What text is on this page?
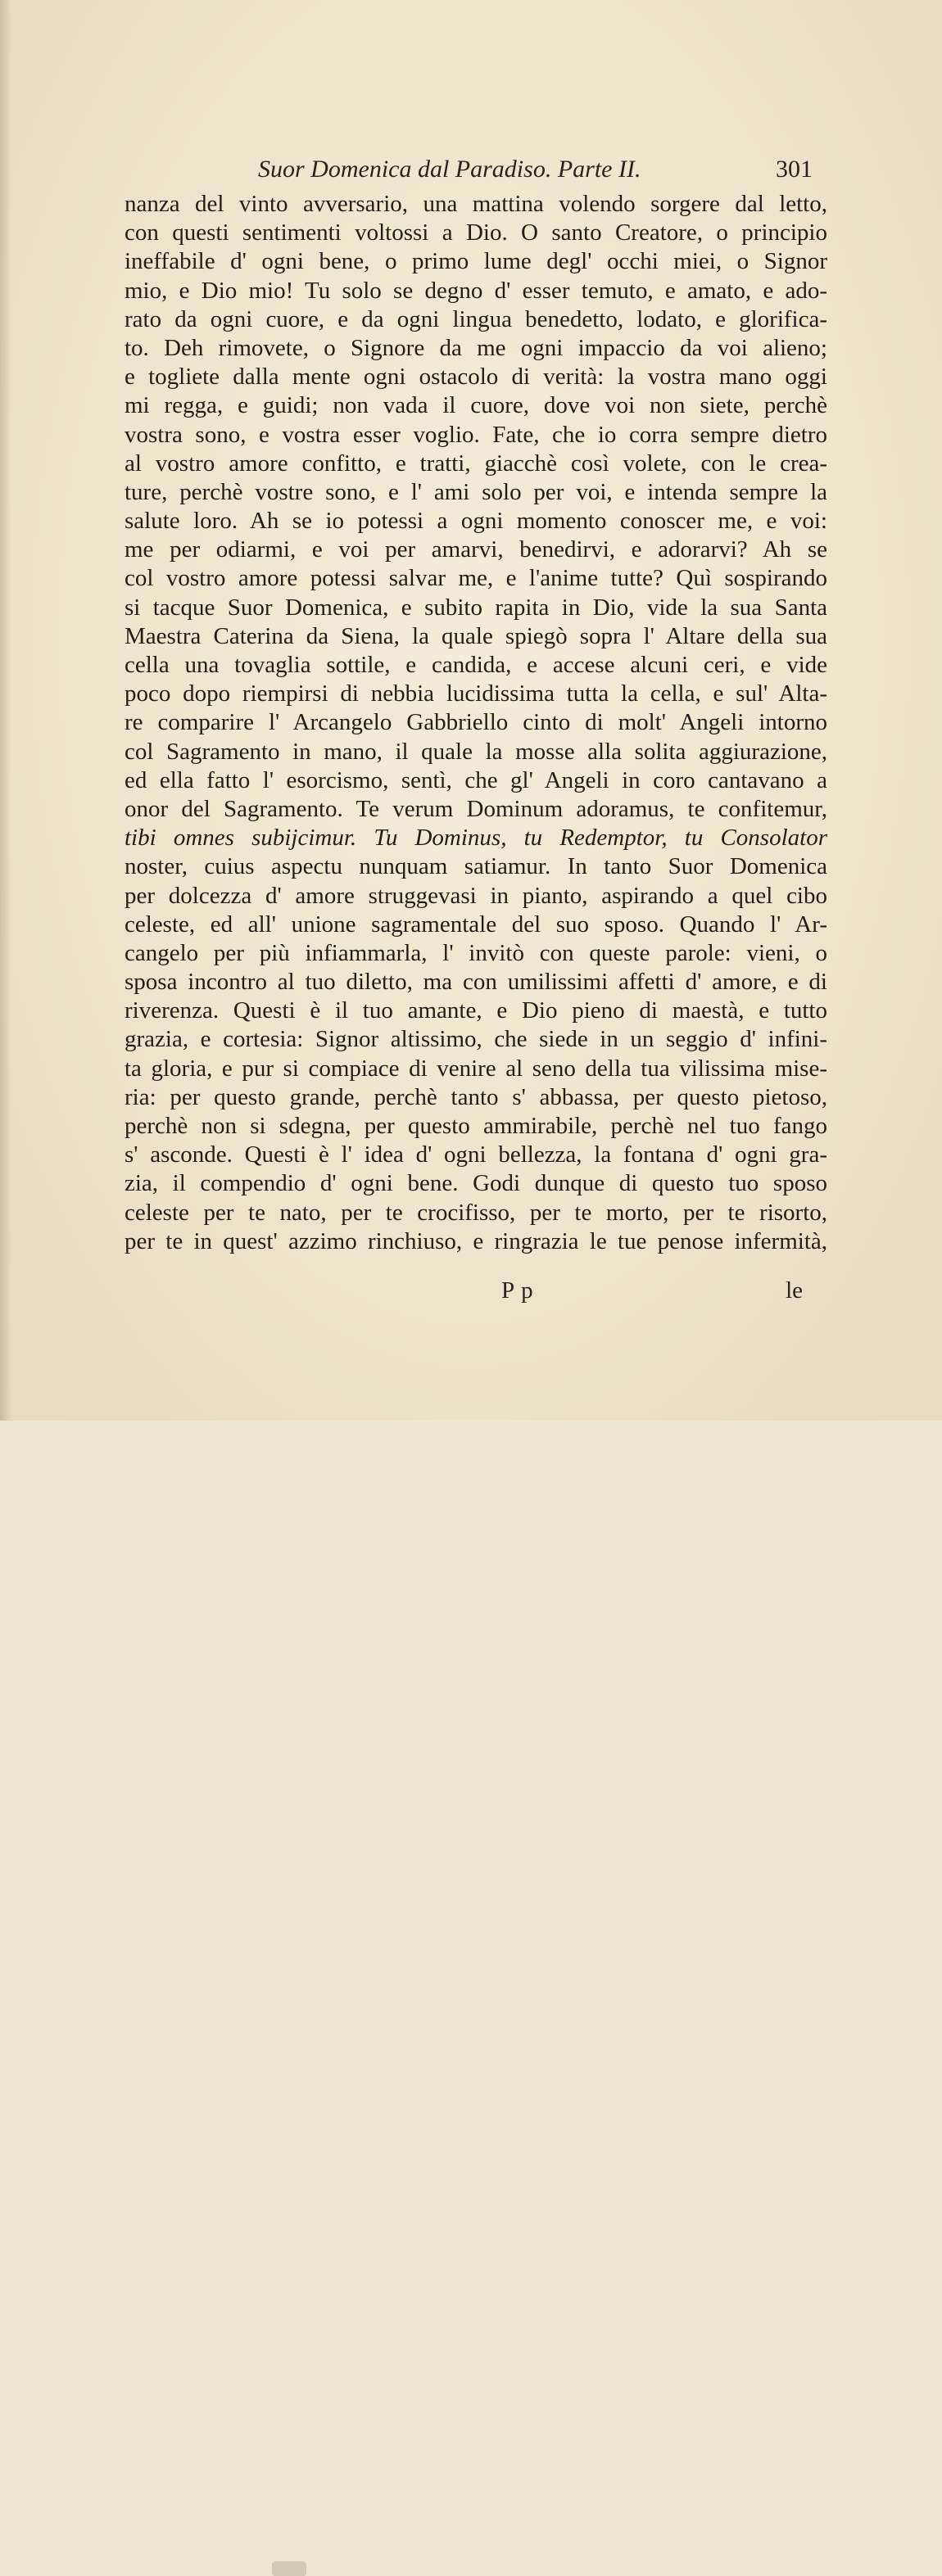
Suor Domenica dal Paradiso. Parte II.	301
nanza del vinto avversario, una mattina volendo sorgere dal letto,
con questi sentimenti voltossi a Dio. O santo Creatore, o principio
ineffabile d' ogni bene, o primo lume degl' occhi miei, o Signor
mio, e Dio mio! Tu solo se degno d' esser temuto, e amato, e ado-
rato da ogni cuore, e da ogni lingua benedetto, lodato, e glorifica-
to. Deh rimovete, o Signore da me ogni impaccio da voi alieno;
e togliete dalla mente ogni ostacolo di verità: la vostra mano oggi
mi regga, e guidi; non vada il cuore, dove voi non siete, perchè
vostra sono, e vostra esser voglio. Fate, che io corra sempre dietro
al vostro amore confitto, e tratti, giacchè così volete, con le crea-
ture, perchè vostre sono, e l' ami solo per voi, e intenda sempre la
salute loro. Ah se io potessi a ogni momento conoscer me, e voi:
me per odiarmi, e voi per amarvi, benedirvi, e adorarvi? Ah se
col vostro amore potessi salvar me, e l'anime tutte? Quì sospirando
si tacque Suor Domenica, e subito rapita in Dio, vide la sua Santa
Maestra Caterina da Siena, la quale spiegò sopra l' Altare della sua
cella una tovaglia sottile, e candida, e accese alcuni ceri, e vide
poco dopo riempirsi di nebbia lucidissima tutta la cella, e sul' Alta-
re comparire l' Arcangelo Gabbriello cinto di molt' Angeli intorno
col Sagramento in mano, il quale la mosse alla solita aggiurazione,
ed ella fatto l' esorcismo, sentì, che gl' Angeli in coro cantavano a
onor del Sagramento. Te verum Dominum adoramus, te confitemur,
tibi omnes subijcimur. Tu Dominus, tu Redemptor, tu Consolator
noster, cuius aspectu nunquam satiamur. In tanto Suor Domenica
per dolcezza d' amore struggevasi in pianto, aspirando a quel cibo
celeste, ed all' unione sagramentale del suo sposo. Quando l' Ar-
cangelo per più infiammarla, l' invitò con queste parole: vieni, o
sposa incontro al tuo diletto, ma con umilissimi affetti d' amore, e di
riverenza. Questi è il tuo amante, e Dio pieno di maestà, e tutto
grazia, e cortesia: Signor altissimo, che siede in un seggio d' infini-
ta gloria, e pur si compiace di venire al seno della tua vilissima mise-
ria: per questo grande, perchè tanto s' abbassa, per questo pietoso,
perchè non si sdegna, per questo ammirabile, perchè nel tuo fango
s' asconde. Questi è l' idea d' ogni bellezza, la fontana d' ogni gra-
zia, il compendio d' ogni bene. Godi dunque di questo tuo sposo
celeste per te nato, per te crocifisso, per te morto, per te risorto,
per te in quest' azzimo rinchiuso, e ringrazia le tue penose infermità,
Pp	le
